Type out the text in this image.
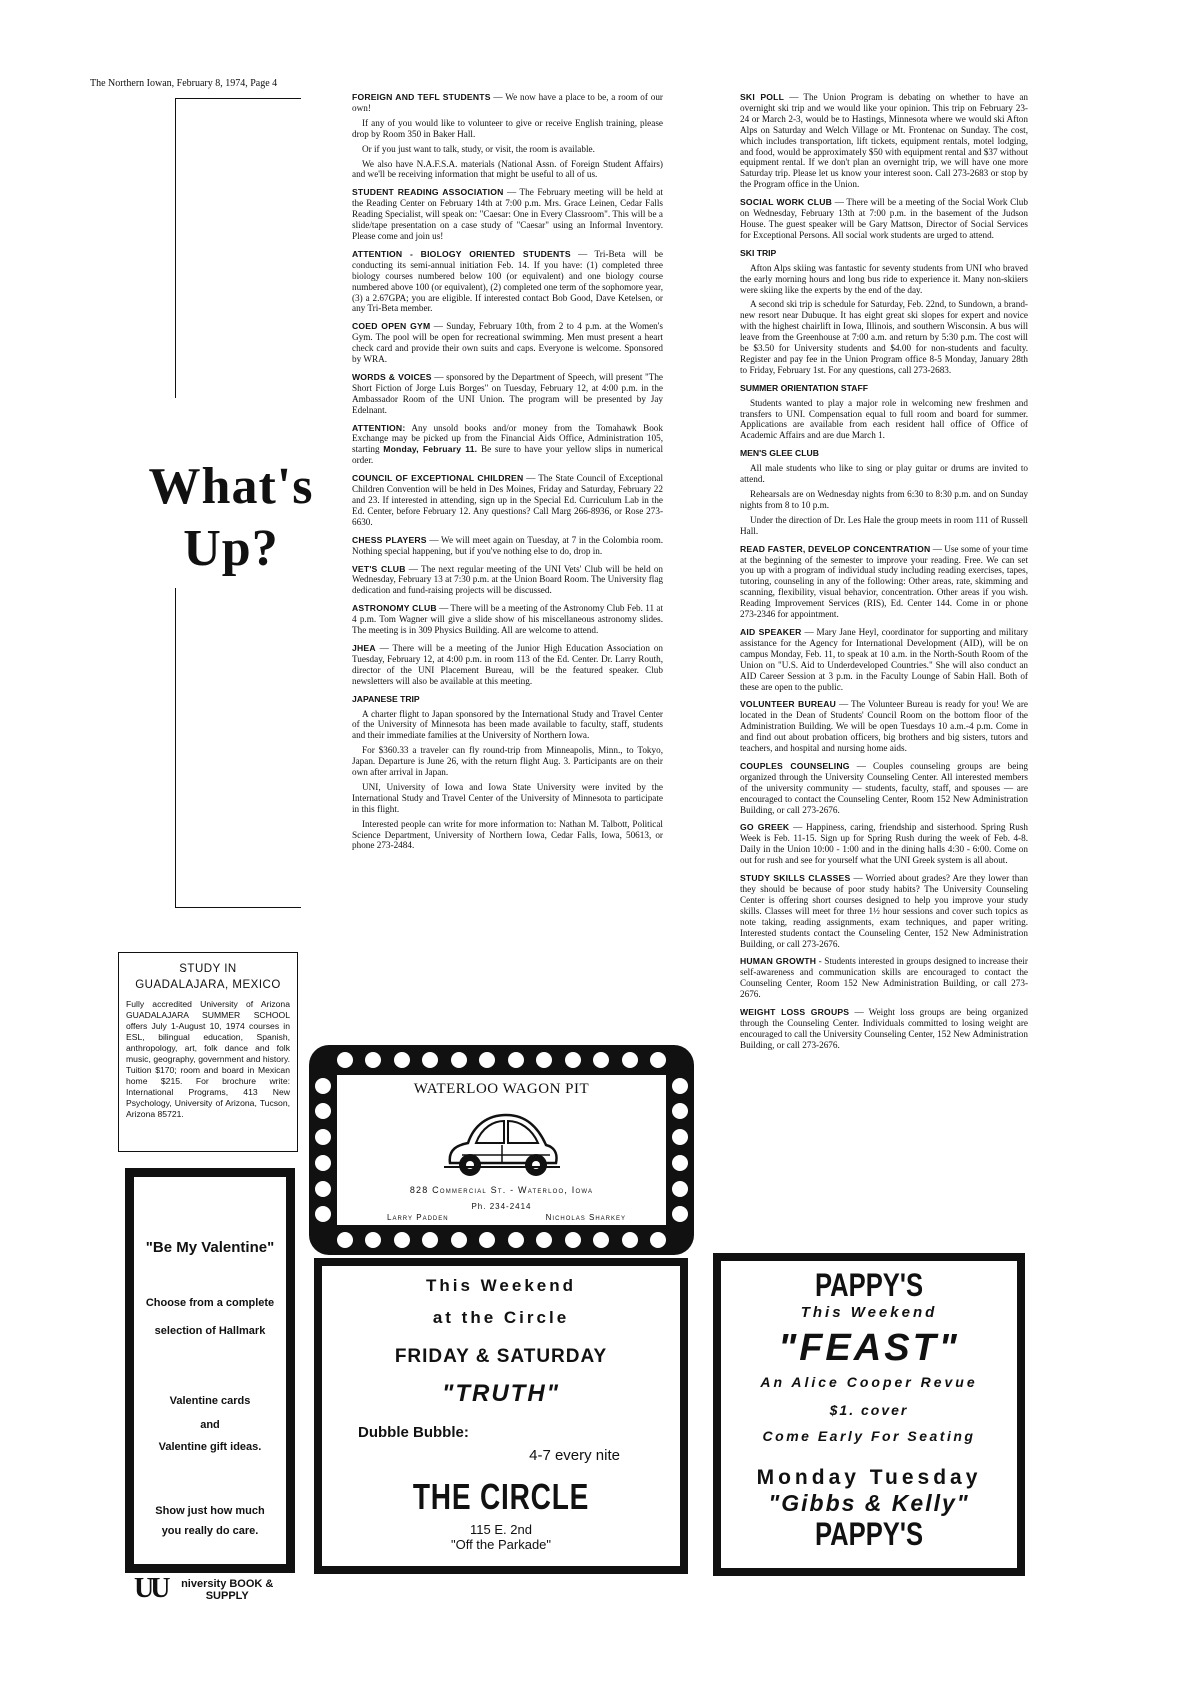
The Northern Iowan, February 8, 1974, Page 4
What's
Up?
STUDY IN
GUADALAJARA, MEXICO
Fully accredited University of Arizona GUADALAJARA SUMMER SCHOOL offers July 1-August 10, 1974 courses in ESL, bilingual education, Spanish, anthropology, art, folk dance and folk music, geography, government and history. Tuition $170; room and board in Mexican home $215. For brochure write: International Programs, 413 New Psychology, University of Arizona, Tucson, Arizona 85721.
"Be My Valentine"
Choose from a complete
selection of Hallmark
Valentine cards
and
Valentine gift ideas.
Show just how much
you really do care.
UU	niversity BOOK & SUPPLY

FOREIGN AND TEFL STUDENTS — We now have a place to be, a room of our own!

If any of you would like to volunteer to give or receive English training, please drop by Room 350 in Baker Hall.

Or if you just want to talk, study, or visit, the room is available.

We also have N.A.F.S.A. materials (National Assn. of Foreign Student Affairs) and we'll be receiving information that might be useful to all of us.

STUDENT READING ASSOCIATION — The February meeting will be held at the Reading Center on February 14th at 7:00 p.m. Mrs. Grace Leinen, Cedar Falls Reading Specialist, will speak on: "Caesar: One in Every Classroom". This will be a slide/tape presentation on a case study of "Caesar" using an Informal Inventory. Please come and join us!

ATTENTION - BIOLOGY ORIENTED STUDENTS — Tri-Beta will be conducting its semi-annual initiation Feb. 14. If you have: (1) completed three biology courses numbered below 100 (or equivalent) and one biology course numbered above 100 (or equivalent), (2) completed one term of the sophomore year, (3) a 2.67GPA; you are eligible. If interested contact Bob Good, Dave Ketelsen, or any Tri-Beta member.

COED OPEN GYM — Sunday, February 10th, from 2 to 4 p.m. at the Women's Gym. The pool will be open for recreational swimming. Men must present a heart check card and provide their own suits and caps. Everyone is welcome. Sponsored by WRA.

WORDS & VOICES — sponsored by the Department of Speech, will present "The Short Fiction of Jorge Luis Borges" on Tuesday, February 12, at 4:00 p.m. in the Ambassador Room of the UNI Union. The program will be presented by Jay Edelnant.

ATTENTION: Any unsold books and/or money from the Tomahawk Book Exchange may be picked up from the Financial Aids Office, Administration 105, starting Monday, February 11. Be sure to have your yellow slips in numerical order.

COUNCIL OF EXCEPTIONAL CHILDREN — The State Council of Exceptional Children Convention will be held in Des Moines, Friday and Saturday, February 22 and 23. If interested in attending, sign up in the Special Ed. Curriculum Lab in the Ed. Center, before February 12. Any questions? Call Marg 266-8936, or Rose 273-6630.

CHESS PLAYERS — We will meet again on Tuesday, at 7 in the Colombia room. Nothing special happening, but if you've nothing else to do, drop in.

VET'S CLUB — The next regular meeting of the UNI Vets' Club will be held on Wednesday, February 13 at 7:30 p.m. at the Union Board Room. The University flag dedication and fund-raising projects will be discussed.

ASTRONOMY CLUB — There will be a meeting of the Astronomy Club Feb. 11 at 4 p.m. Tom Wagner will give a slide show of his miscellaneous astronomy slides. The meeting is in 309 Physics Building. All are welcome to attend.

JHEA — There will be a meeting of the Junior High Education Association on Tuesday, February 12, at 4:00 p.m. in room 113 of the Ed. Center. Dr. Larry Routh, director of the UNI Placement Bureau, will be the featured speaker. Club newsletters will also be available at this meeting.

JAPANESE TRIP

A charter flight to Japan sponsored by the International Study and Travel Center of the University of Minnesota has been made available to faculty, staff, students and their immediate families at the University of Northern Iowa.

For $360.33 a traveler can fly round-trip from Minneapolis, Minn., to Tokyo, Japan. Departure is June 26, with the return flight Aug. 3. Participants are on their own after arrival in Japan.

UNI, University of Iowa and Iowa State University were invited by the International Study and Travel Center of the University of Minnesota to participate in this flight.

Interested people can write for more information to: Nathan M. Talbott, Political Science Department, University of Northern Iowa, Cedar Falls, Iowa, 50613, or phone 273-2484.

SKI POLL — The Union Program is debating on whether to have an overnight ski trip and we would like your opinion. This trip on February 23-24 or March 2-3, would be to Hastings, Minnesota where we would ski Afton Alps on Saturday and Welch Village or Mt. Frontenac on Sunday. The cost, which includes transportation, lift tickets, equipment rentals, motel lodging, and food, would be approximately $50 with equipment rental and $37 without equipment rental. If we don't plan an overnight trip, we will have one more Saturday trip. Please let us know your interest soon. Call 273-2683 or stop by the Program office in the Union.

SOCIAL WORK CLUB — There will be a meeting of the Social Work Club on Wednesday, February 13th at 7:00 p.m. in the basement of the Judson House. The guest speaker will be Gary Mattson, Director of Social Services for Exceptional Persons. All social work students are urged to attend.

SKI TRIP

Afton Alps skiing was fantastic for seventy students from UNI who braved the early morning hours and long bus ride to experience it. Many non-skiiers were skiing like the experts by the end of the day.

A second ski trip is schedule for Saturday, Feb. 22nd, to Sundown, a brand-new resort near Dubuque. It has eight great ski slopes for expert and novice with the highest chairlift in Iowa, Illinois, and southern Wisconsin. A bus will leave from the Greenhouse at 7:00 a.m. and return by 5:30 p.m. The cost will be $3.50 for University students and $4.00 for non-students and faculty. Register and pay fee in the Union Program office 8-5 Monday, January 28th to Friday, February 1st. For any questions, call 273-2683.

SUMMER ORIENTATION STAFF

Students wanted to play a major role in welcoming new freshmen and transfers to UNI. Compensation equal to full room and board for summer. Applications are available from each resident hall office of Office of Academic Affairs and are due March 1.

MEN'S GLEE CLUB

All male students who like to sing or play guitar or drums are invited to attend.

Rehearsals are on Wednesday nights from 6:30 to 8:30 p.m. and on Sunday nights from 8 to 10 p.m.

Under the direction of Dr. Les Hale the group meets in room 111 of Russell Hall.

READ FASTER, DEVELOP CONCENTRATION — Use some of your time at the beginning of the semester to improve your reading. Free. We can set you up with a program of individual study including reading exercises, tapes, tutoring, counseling in any of the following: Other areas, rate, skimming and scanning, flexibility, visual behavior, concentration. Other areas if you wish. Reading Improvement Services (RIS), Ed. Center 144. Come in or phone 273-2346 for appointment.

AID SPEAKER — Mary Jane Heyl, coordinator for supporting and military assistance for the Agency for International Development (AID), will be on campus Monday, Feb. 11, to speak at 10 a.m. in the North-South Room of the Union on "U.S. Aid to Underdeveloped Countries." She will also conduct an AID Career Session at 3 p.m. in the Faculty Lounge of Sabin Hall. Both of these are open to the public.

VOLUNTEER BUREAU — The Volunteer Bureau is ready for you! We are located in the Dean of Students' Council Room on the bottom floor of the Administration Building. We will be open Tuesdays 10 a.m.-4 p.m. Come in and find out about probation officers, big brothers and big sisters, tutors and teachers, and hospital and nursing home aids.

COUPLES COUNSELING — Couples counseling groups are being organized through the University Counseling Center. All interested members of the university community — students, faculty, staff, and spouses — are encouraged to contact the Counseling Center, Room 152 New Administration Building, or call 273-2676.

GO GREEK — Happiness, caring, friendship and sisterhood. Spring Rush Week is Feb. 11-15. Sign up for Spring Rush during the week of Feb. 4-8. Daily in the Union 10:00 - 1:00 and in the dining halls 4:30 - 6:00. Come on out for rush and see for yourself what the UNI Greek system is all about.

STUDY SKILLS CLASSES — Worried about grades? Are they lower than they should be because of poor study habits? The University Counseling Center is offering short courses designed to help you improve your study skills. Classes will meet for three 1½ hour sessions and cover such topics as note taking, reading assignments, exam techniques, and paper writing. Interested students contact the Counseling Center, 152 New Administration Building, or call 273-2676.

HUMAN GROWTH - Students interested in groups designed to increase their self-awareness and communication skills are encouraged to contact the Counseling Center, Room 152 New Administration Building, or call 273-2676.

WEIGHT LOSS GROUPS — Weight loss groups are being organized through the Counseling Center. Individuals committed to losing weight are encouraged to call the University Counseling Center, 152 New Administration Building, or call 273-2676.

WATERLOO WAGON PIT
828 Commercial St. - Waterloo, Iowa
Ph. 234-2414
Larry Padden	Nicholas Sharkey
This Weekend
at the Circle
FRIDAY & SATURDAY
"TRUTH"
Dubble Bubble:
4-7 every nite
THE CIRCLE
115 E. 2nd
"Off the Parkade"
PAPPY'S
This Weekend
"FEAST"
An Alice Cooper Revue
$1. cover
Come Early For Seating
Monday Tuesday
"Gibbs & Kelly"
PAPPY'S
